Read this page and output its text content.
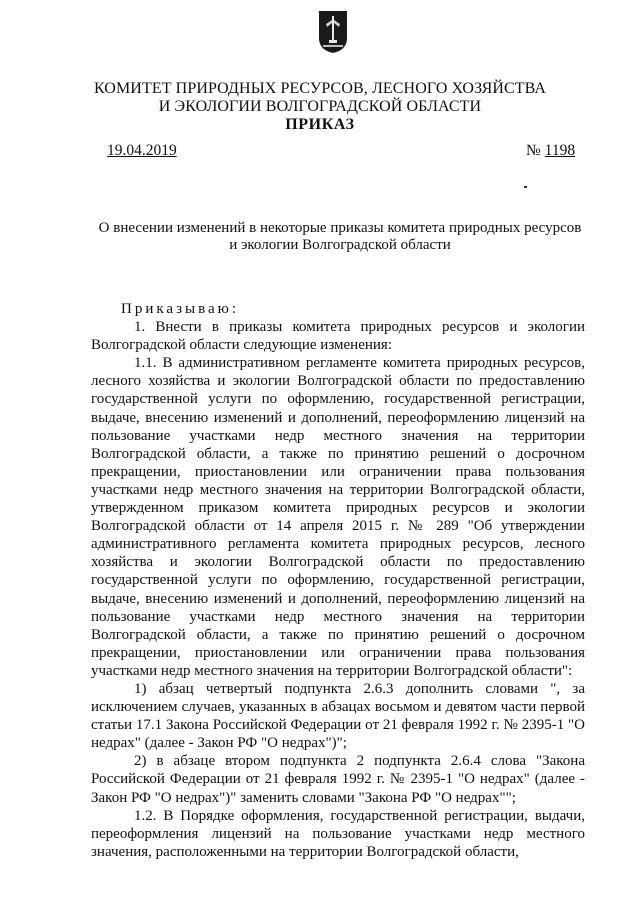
КОМИТЕТ ПРИРОДНЫХ РЕСУРСОВ, ЛЕСНОГО ХОЗЯЙСТВА
И ЭКОЛОГИИ ВОЛГОГРАДСКОЙ ОБЛАСТИ
ПРИКАЗ
19.04.2019	№ 1198
О внесении изменений в некоторые приказы комитета природных ресурсов
и экологии Волгоградской области

Приказываю:

1. Внести в приказы комитета природных ресурсов и экологии Волгоградской области следующие изменения:

1.1. В административном регламенте комитета природных ресурсов, лесного хозяйства и экологии Волгоградской области по предоставлению государственной услуги по оформлению, государственной регистрации, выдаче, внесению изменений и дополнений, переоформлению лицензий на пользование участками недр местного значения на территории Волгоградской области, а также по принятию решений о досрочном прекращении, приостановлении или ограничении права пользования участками недр местного значения на территории Волгоградской области, утвержденном приказом комитета природных ресурсов и экологии Волгоградской области от 14 апреля 2015 г. № 289 "Об утверждении административного регламента комитета природных ресурсов, лесного хозяйства и экологии Волгоградской области по предоставлению государственной услуги по оформлению, государственной регистрации, выдаче, внесению изменений и дополнений, переоформлению лицензий на пользование участками недр местного значения на территории Волгоградской области, а также по принятию решений о досрочном прекращении, приостановлении или ограничении права пользования участками недр местного значения на территории Волгоградской области":

1) абзац четвертый подпункта 2.6.3 дополнить словами ", за исключением случаев, указанных в абзацах восьмом и девятом части первой статьи 17.1 Закона Российской Федерации от 21 февраля 1992 г. № 2395-1 "О недрах" (далее - Закон РФ "О недрах")";

2) в абзаце втором подпункта 2 подпункта 2.6.4 слова "Закона Российской Федерации от 21 февраля 1992 г. № 2395-1 "О недрах" (далее - Закон РФ "О недрах")" заменить словами "Закона РФ "О недрах"";

1.2. В Порядке оформления, государственной регистрации, выдачи, переоформления лицензий на пользование участками недр местного значения, расположенными на территории Волгоградской области,
